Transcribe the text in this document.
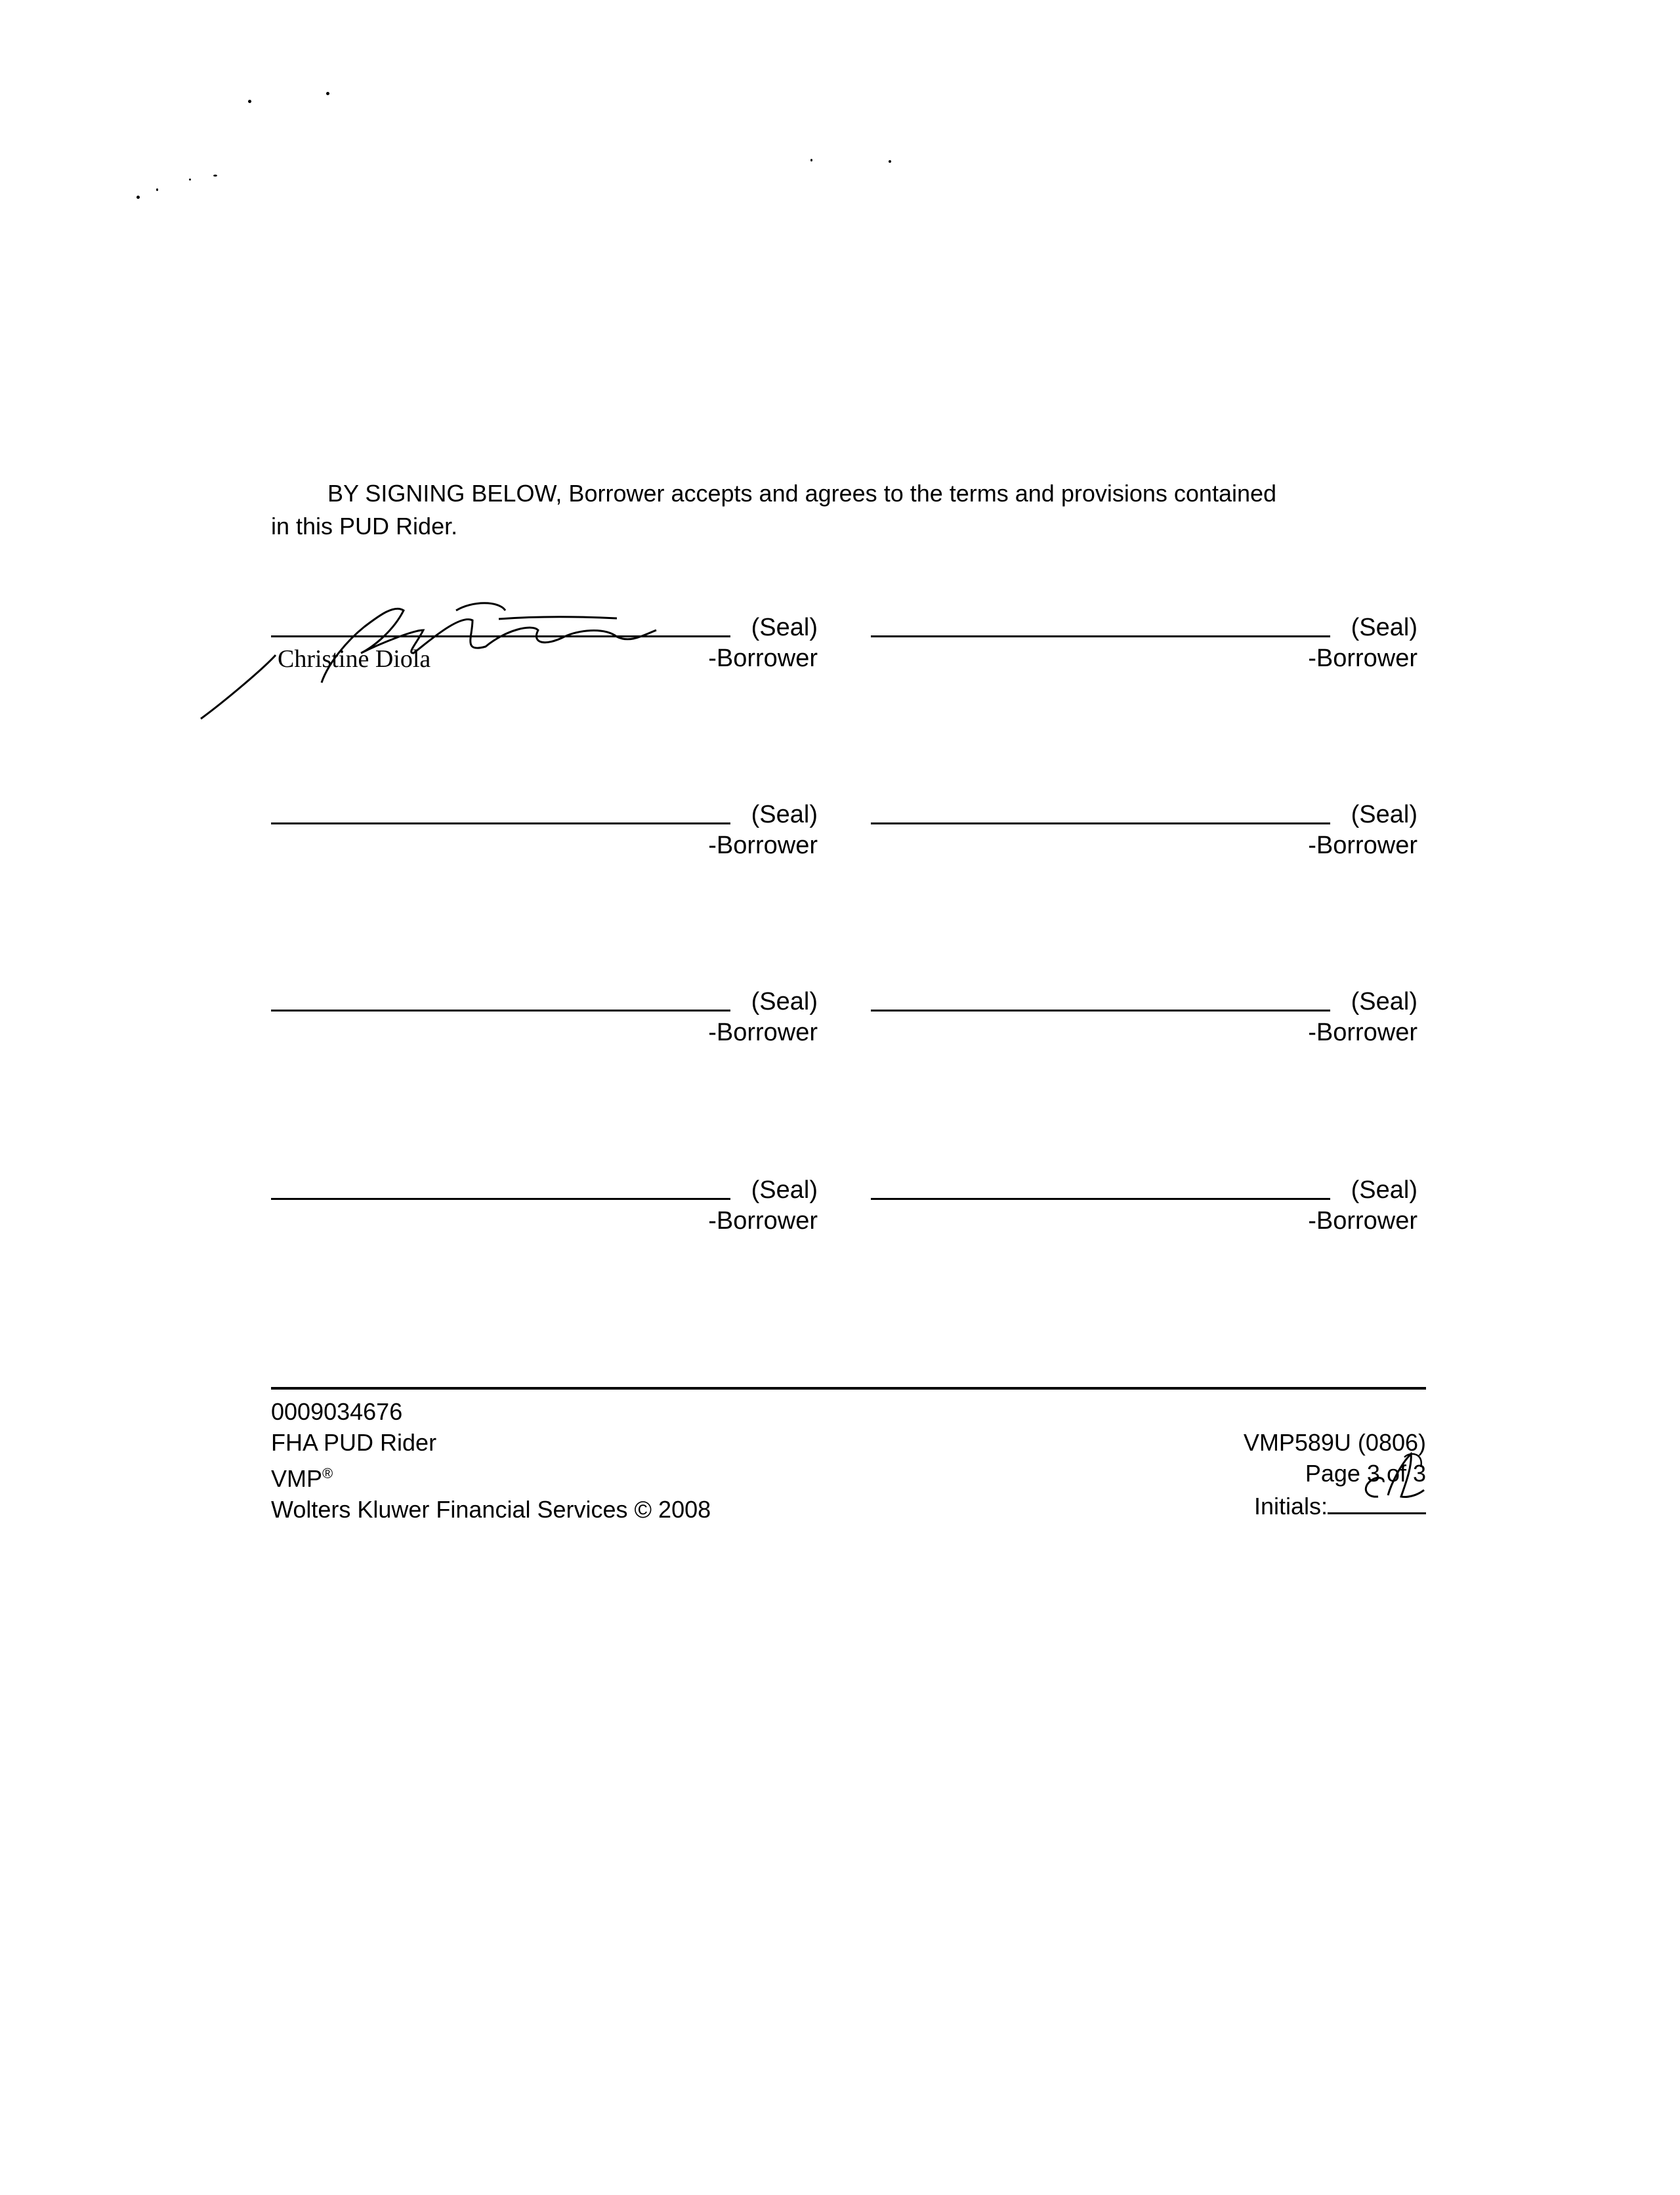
BY SIGNING BELOW, Borrower accepts and agrees to the terms and provisions contained
in this PUD Rider.
(Seal)
Christine Diola	-Borrower
(Seal)
-Borrower
(Seal)
-Borrower
(Seal)
-Borrower
(Seal)
-Borrower
(Seal)
-Borrower
(Seal)
-Borrower
(Seal)
-Borrower
0009034676
FHA PUD Rider
VMP®
Wolters Kluwer Financial Services © 2008
VMP589U (0806)
Page 3 of 3
Initials:
